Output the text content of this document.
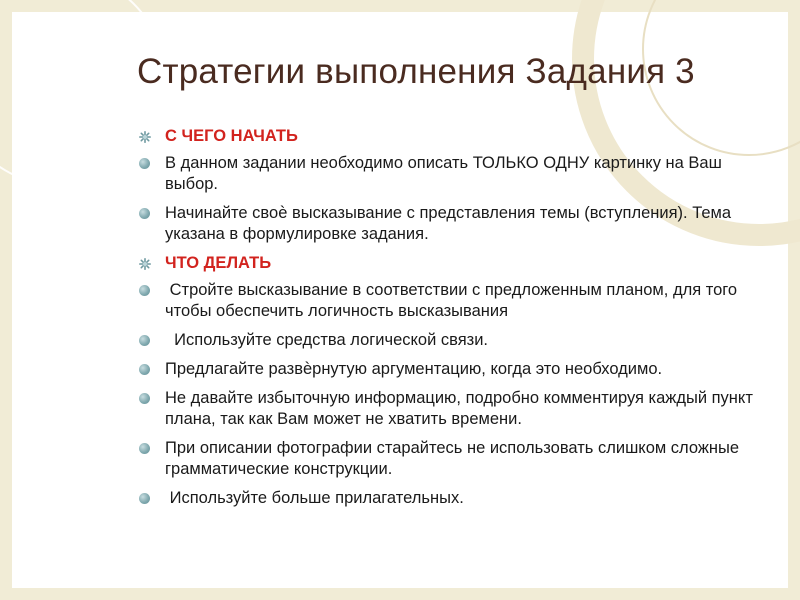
Стратегии выполнения Задания 3
С ЧЕГО НАЧАТЬ
В данном задании необходимо описать ТОЛЬКО ОДНУ картинку на Ваш выбор.
Начинайте своѐ высказывание с представления темы (вступления). Тема указана в формулировке задания.
ЧТО ДЕЛАТЬ
Стройте высказывание в соответствии с предложенным планом, для того чтобы обеспечить логичность высказывания
Используйте средства логической связи.
Предлагайте развѐрнутую аргументацию, когда это необходимо.
Не давайте избыточную информацию, подробно комментируя каждый пункт плана, так как Вам может не хватить времени.
При описании фотографии старайтесь не использовать слишком сложные грамматические конструкции.
Используйте больше прилагательных.
